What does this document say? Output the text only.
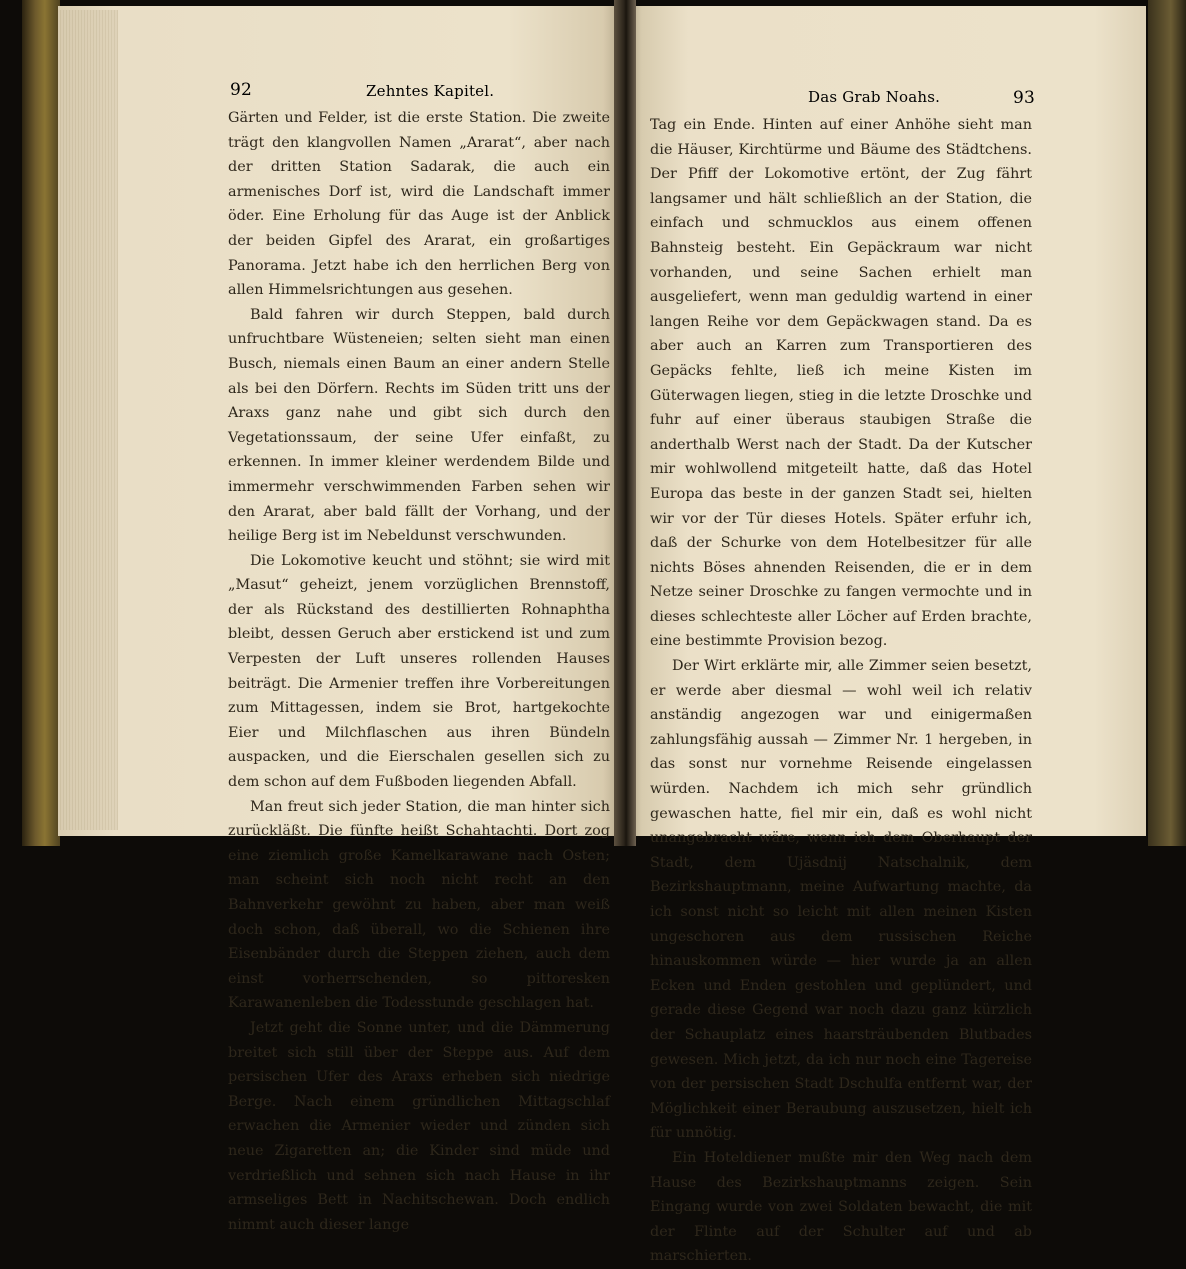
92	Zehntes Kapitel.

Gärten und Felder, ist die erste Station. Die zweite trägt den klangvollen Namen „Ararat“, aber nach der dritten Station Sadarak, die auch ein armenisches Dorf ist, wird die Landschaft immer öder. Eine Erholung für das Auge ist der Anblick der beiden Gipfel des Ararat, ein großartiges Panorama. Jetzt habe ich den herrlichen Berg von allen Himmelsrichtungen aus gesehen.

Bald fahren wir durch Steppen, bald durch unfruchtbare Wüsteneien; selten sieht man einen Busch, niemals einen Baum an einer andern Stelle als bei den Dörfern. Rechts im Süden tritt uns der Araxs ganz nahe und gibt sich durch den Vegetationssaum, der seine Ufer einfaßt, zu erkennen. In immer kleiner werdendem Bilde und immermehr verschwimmenden Farben sehen wir den Ararat, aber bald fällt der Vorhang, und der heilige Berg ist im Nebeldunst verschwunden.

Die Lokomotive keucht und stöhnt; sie wird mit „Masut“ geheizt, jenem vorzüglichen Brennstoff, der als Rückstand des destillierten Rohnaphtha bleibt, dessen Geruch aber erstickend ist und zum Verpesten der Luft unseres rollenden Hauses beiträgt. Die Armenier treffen ihre Vorbereitungen zum Mittagessen, indem sie Brot, hartgekochte Eier und Milchflaschen aus ihren Bündeln auspacken, und die Eierschalen gesellen sich zu dem schon auf dem Fußboden liegenden Abfall.

Man freut sich jeder Station, die man hinter sich zurückläßt. Die fünfte heißt Schahtachti. Dort zog eine ziemlich große Kamelkarawane nach Osten; man scheint sich noch nicht recht an den Bahnverkehr gewöhnt zu haben, aber man weiß doch schon, daß überall, wo die Schienen ihre Eisenbänder durch die Steppen ziehen, auch dem einst vorherrschenden, so pittoresken Karawanenleben die Todesstunde geschlagen hat.

Jetzt geht die Sonne unter, und die Dämmerung breitet sich still über der Steppe aus. Auf dem persischen Ufer des Araxs erheben sich niedrige Berge. Nach einem gründlichen Mittagschlaf erwachen die Armenier wieder und zünden sich neue Zigaretten an; die Kinder sind müde und verdrießlich und sehnen sich nach Hause in ihr armseliges Bett in Nachitschewan. Doch endlich nimmt auch dieser lange

Das Grab Noahs.	93

Tag ein Ende. Hinten auf einer Anhöhe sieht man die Häuser, Kirchtürme und Bäume des Städtchens. Der Pfiff der Lokomotive ertönt, der Zug fährt langsamer und hält schließlich an der Station, die einfach und schmucklos aus einem offenen Bahnsteig besteht. Ein Gepäckraum war nicht vorhanden, und seine Sachen erhielt man ausgeliefert, wenn man geduldig wartend in einer langen Reihe vor dem Gepäckwagen stand. Da es aber auch an Karren zum Transportieren des Gepäcks fehlte, ließ ich meine Kisten im Güterwagen liegen, stieg in die letzte Droschke und fuhr auf einer überaus staubigen Straße die anderthalb Werst nach der Stadt. Da der Kutscher mir wohlwollend mitgeteilt hatte, daß das Hotel Europa das beste in der ganzen Stadt sei, hielten wir vor der Tür dieses Hotels. Später erfuhr ich, daß der Schurke von dem Hotelbesitzer für alle nichts Böses ahnenden Reisenden, die er in dem Netze seiner Droschke zu fangen vermochte und in dieses schlechteste aller Löcher auf Erden brachte, eine bestimmte Provision bezog.

Der Wirt erklärte mir, alle Zimmer seien besetzt, er werde aber diesmal — wohl weil ich relativ anständig angezogen war und einigermaßen zahlungsfähig aussah — Zimmer Nr. 1 hergeben, in das sonst nur vornehme Reisende eingelassen würden. Nachdem ich mich sehr gründlich gewaschen hatte, fiel mir ein, daß es wohl nicht unangebracht wäre, wenn ich dem Oberhaupt der Stadt, dem Ujäsdnij Natschalnik, dem Bezirkshauptmann, meine Aufwartung machte, da ich sonst nicht so leicht mit allen meinen Kisten ungeschoren aus dem russischen Reiche hinauskommen würde — hier wurde ja an allen Ecken und Enden gestohlen und geplündert, und gerade diese Gegend war noch dazu ganz kürzlich der Schauplatz eines haarsträubenden Blutbades gewesen. Mich jetzt, da ich nur noch eine Tagereise von der persischen Stadt Dschulfa entfernt war, der Möglichkeit einer Beraubung auszusetzen, hielt ich für unnötig.

Ein Hoteldiener mußte mir den Weg nach dem Hause des Bezirkshauptmanns zeigen. Sein Eingang wurde von zwei Soldaten bewacht, die mit der Flinte auf der Schulter auf und ab marschierten.
